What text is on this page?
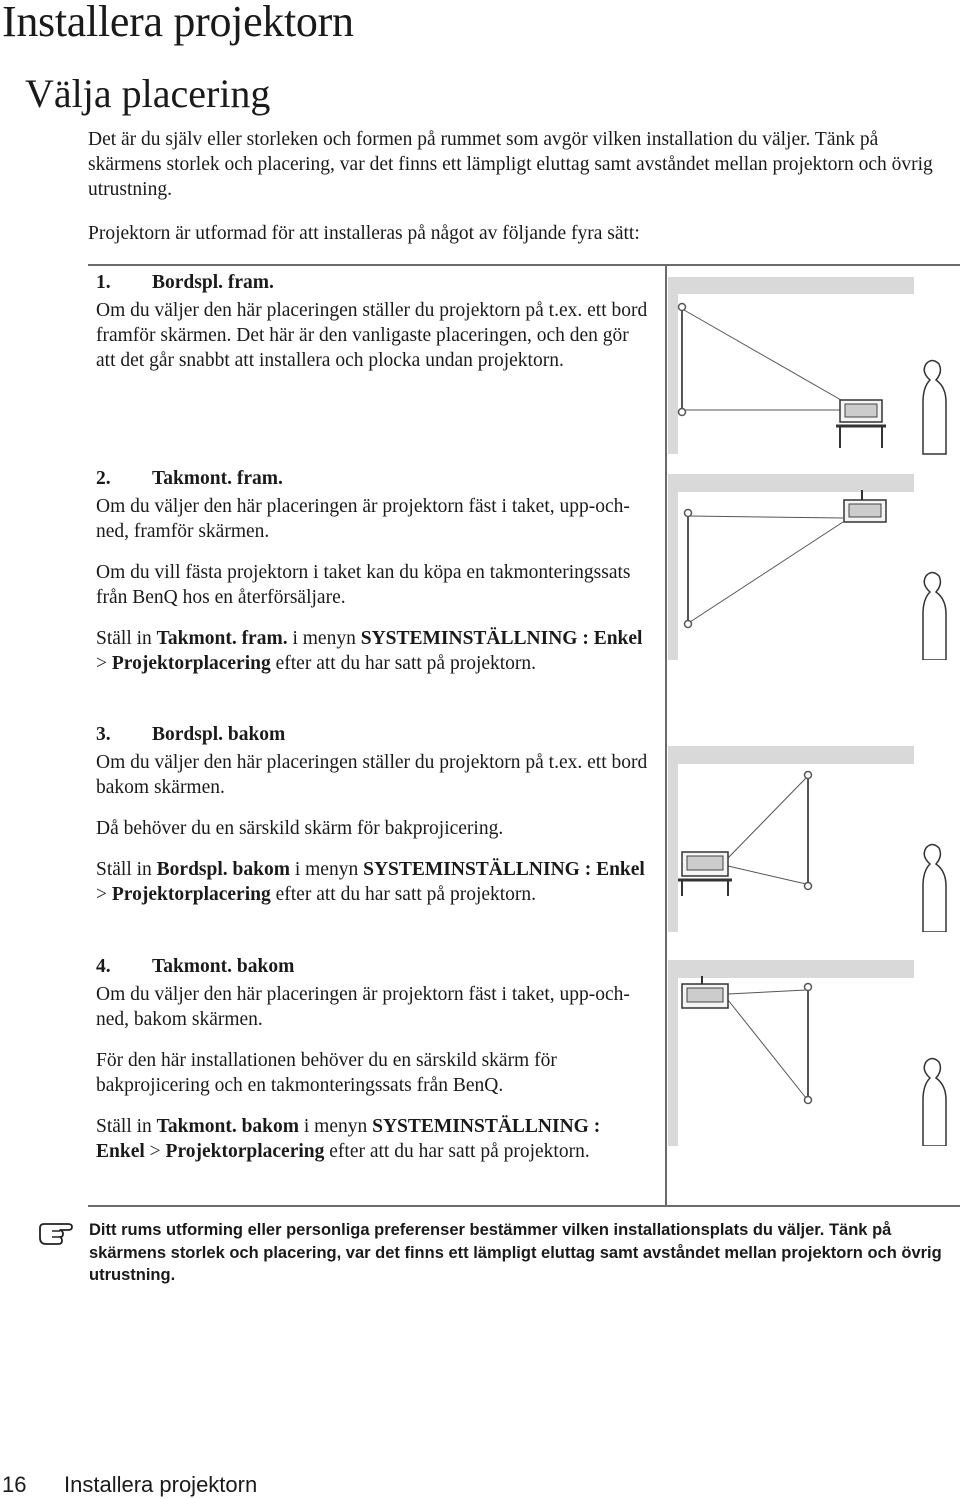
Installera projektorn
Välja placering

Det är du själv eller storleken och formen på rummet som avgör vilken installation du väljer. Tänk på skärmens storlek och placering, var det finns ett lämpligt eluttag samt avståndet mellan projektorn och övrig utrustning.

Projektorn är utformad för att installeras på något av följande fyra sätt:

1. Bordspl. fram.

Om du väljer den här placeringen ställer du projektorn på t.ex. ett bord framför skärmen. Det här är den vanligaste placeringen, och den gör att det går snabbt att installera och plocka undan projektorn.

2. Takmont. fram.

Om du väljer den här placeringen är projektorn fäst i taket, upp-och-ned, framför skärmen.

Om du vill fästa projektorn i taket kan du köpa en takmonteringssats från BenQ hos en återförsäljare.

Ställ in Takmont. fram. i menyn SYSTEMINSTÄLLNING : Enkel > Projektorplacering efter att du har satt på projektorn.

3. Bordspl. bakom

Om du väljer den här placeringen ställer du projektorn på t.ex. ett bord bakom skärmen.

Då behöver du en särskild skärm för bakprojicering.

Ställ in Bordspl. bakom i menyn SYSTEMINSTÄLLNING : Enkel > Projektorplacering efter att du har satt på projektorn.

4. Takmont. bakom

Om du väljer den här placeringen är projektorn fäst i taket, upp-och-ned, bakom skärmen.

För den här installationen behöver du en särskild skärm för bakprojicering och en takmonteringssats från BenQ.

Ställ in Takmont. bakom i menyn SYSTEMINSTÄLLNING : Enkel > Projektorplacering efter att du har satt på projektorn.

Ditt rums utforming eller personliga preferenser bestämmer vilken installationsplats du väljer. Tänk på skärmens storlek och placering, var det finns ett lämpligt eluttag samt avståndet mellan projektorn och övrig utrustning.

16 Installera projektorn
